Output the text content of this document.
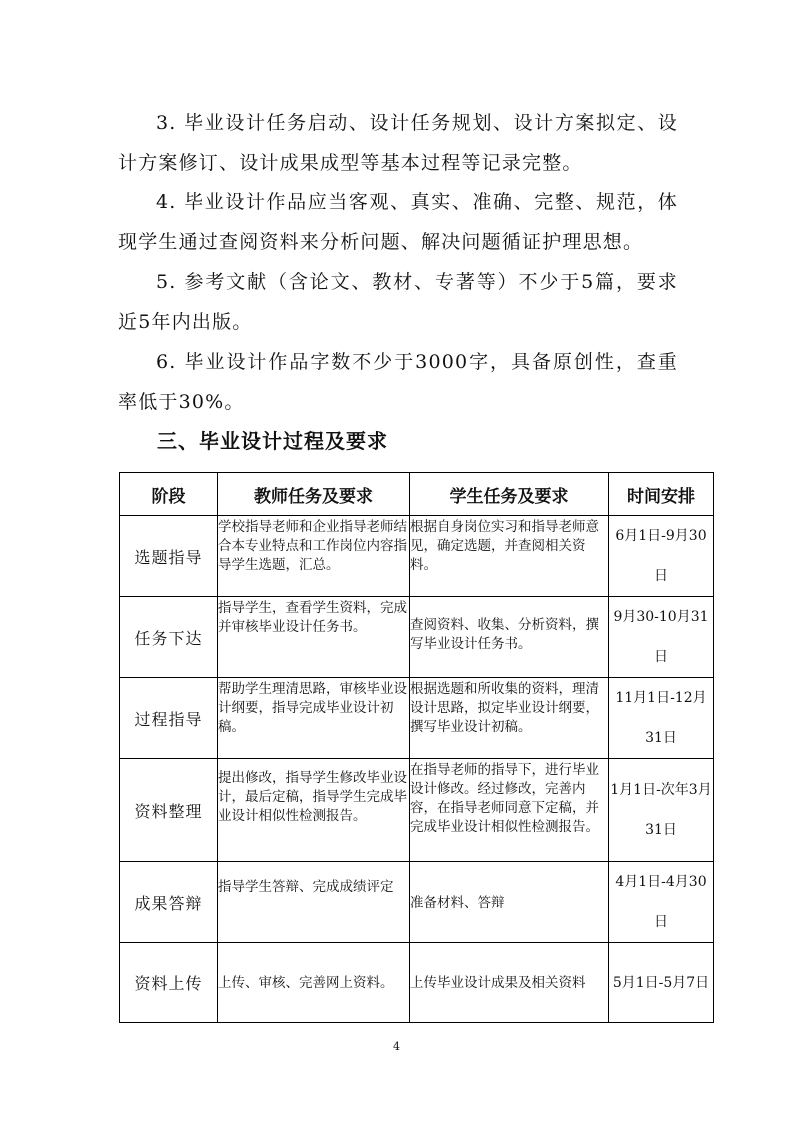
3. 毕业设计任务启动、设计任务规划、设计方案拟定、设计方案修订、设计成果成型等基本过程等记录完整。
4. 毕业设计作品应当客观、真实、准确、完整、规范，体现学生通过查阅资料来分析问题、解决问题循证护理思想。
5. 参考文献（含论文、教材、专著等）不少于5篇，要求近5年内出版。
6. 毕业设计作品字数不少于3000字，具备原创性，查重率低于30%。
三、毕业设计过程及要求
阶段	教师任务及要求	学生任务及要求	时间安排
选题指导	学校指导老师和企业指导老师结合本专业特点和工作岗位内容指导学生选题，汇总。	根据自身岗位实习和指导老师意见，确定选题，并查阅相关资料。	6月1日-9月30日
任务下达	指导学生，查看学生资料，完成并审核毕业设计任务书。	查阅资料、收集、分析资料，撰写毕业设计任务书。	9月30-10月31日
过程指导	帮助学生理清思路，审核毕业设计纲要，指导完成毕业设计初稿。	根据选题和所收集的资料，理清设计思路，拟定毕业设计纲要，撰写毕业设计初稿。	11月1日-12月31日
资料整理	提出修改，指导学生修改毕业设计，最后定稿，指导学生完成毕业设计相似性检测报告。	在指导老师的指导下，进行毕业设计修改。经过修改，完善内容，在指导老师同意下定稿，并完成毕业设计相似性检测报告。	1月1日-次年3月31日
成果答辩	指导学生答辩、完成成绩评定	准备材料、答辩	4月1日-4月30日
资料上传	上传、审核、完善网上资料。	上传毕业设计成果及相关资料	5月1日-5月7日
4
